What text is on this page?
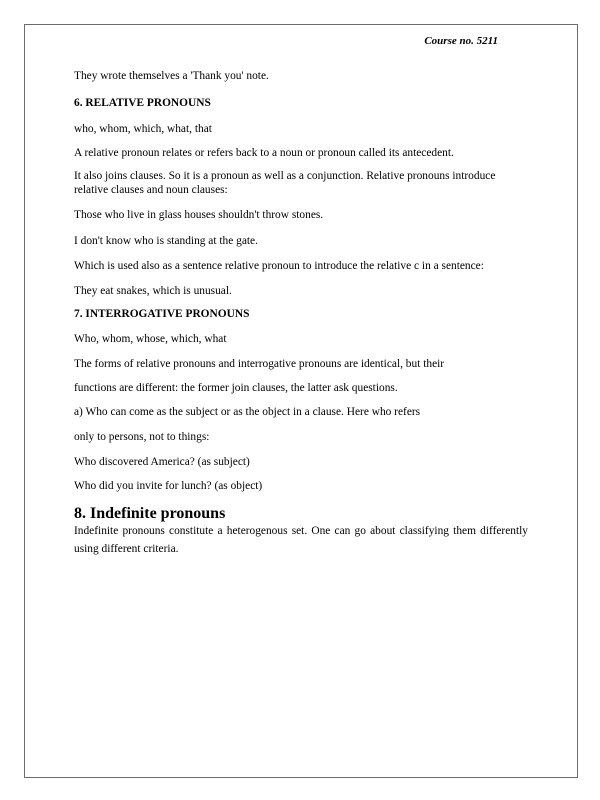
Course no. 5211

They wrote themselves a 'Thank you' note.

6. RELATIVE PRONOUNS

who, whom, which, what, that

A relative pronoun relates or refers back to a noun or pronoun called its antecedent.

It also joins clauses. So it is a pronoun as well as a conjunction. Relative pronouns introduce relative clauses and noun clauses:

Those who live in glass houses shouldn't throw stones.

I don't know who is standing at the gate.

Which is used also as a sentence relative pronoun to introduce the relative c in a sentence:

They eat snakes, which is unusual.

7. INTERROGATIVE PRONOUNS

Who, whom, whose, which, what

The forms of relative pronouns and interrogative pronouns are identical, but their

functions are different: the former join clauses, the latter ask questions.

a) Who can come as the subject or as the object in a clause. Here who refers

only to persons, not to things:

Who discovered America? (as subject)

Who did you invite for lunch? (as object)

8. Indefinite pronouns

Indefinite pronouns constitute a heterogenous set. One can go about classifying them differently using different criteria.
